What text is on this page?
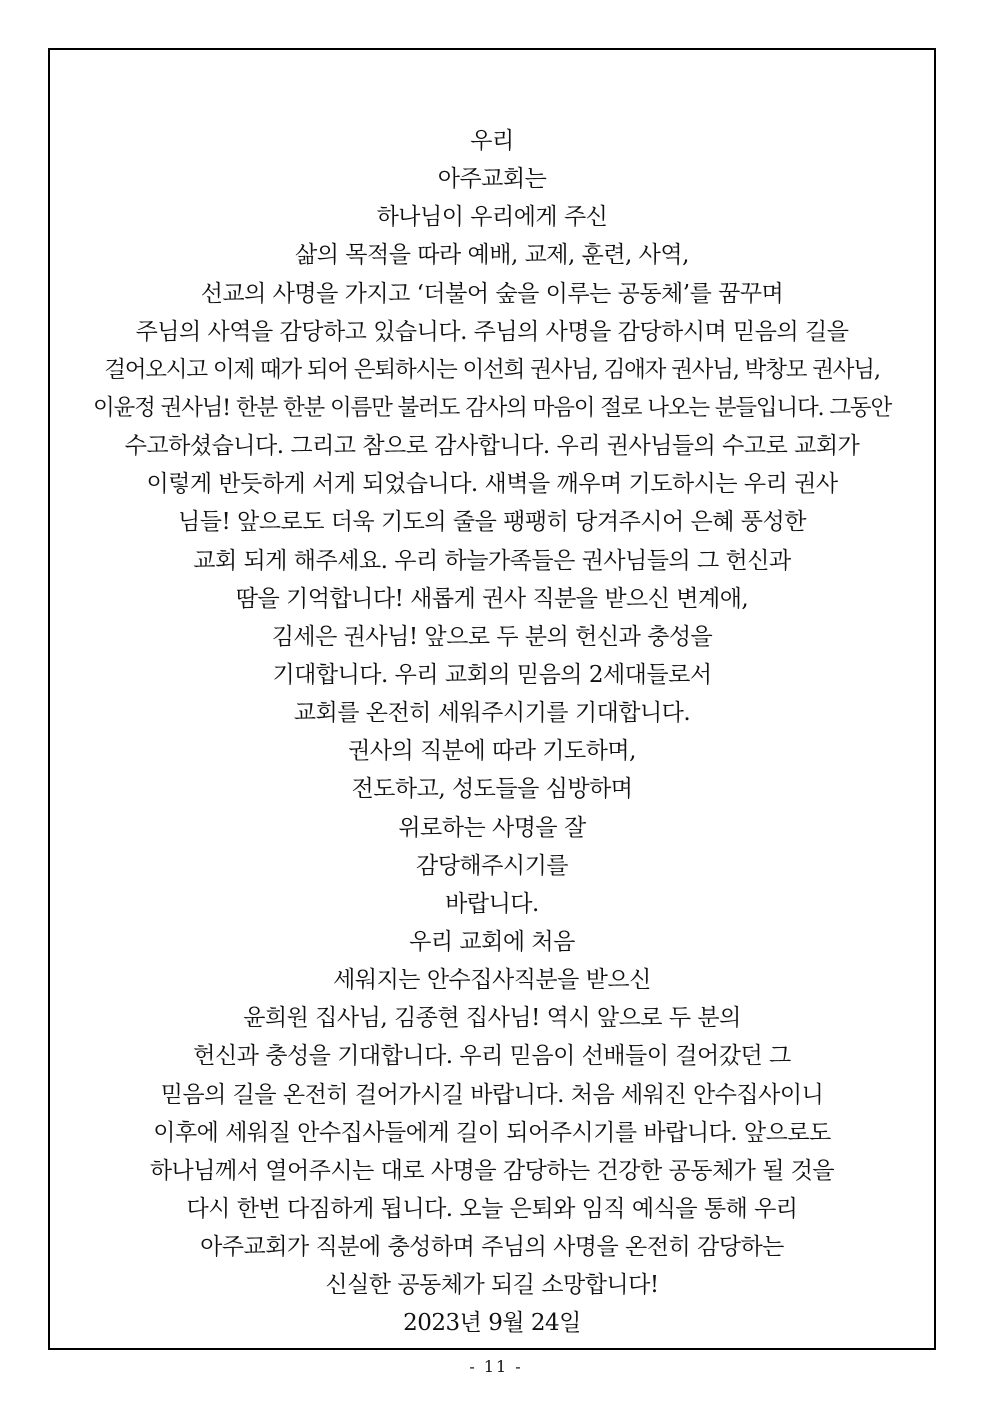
우리
아주교회는
하나님이 우리에게 주신
삶의 목적을 따라 예배, 교제, 훈련, 사역,
선교의 사명을 가지고 ‘더불어 숲을 이루는 공동체’를 꿈꾸며
주님의 사역을 감당하고 있습니다. 주님의 사명을 감당하시며 믿음의 길을
걸어오시고 이제 때가 되어 은퇴하시는 이선희 권사님, 김애자 권사님, 박창모 권사님,
이윤정 권사님! 한분 한분 이름만 불러도 감사의 마음이 절로 나오는 분들입니다. 그동안
수고하셨습니다. 그리고 참으로 감사합니다. 우리 권사님들의 수고로 교회가
이렇게 반듯하게 서게 되었습니다. 새벽을 깨우며 기도하시는 우리 권사
님들! 앞으로도 더욱 기도의 줄을 팽팽히 당겨주시어 은혜 풍성한
교회 되게 해주세요. 우리 하늘가족들은 권사님들의 그 헌신과
땀을 기억합니다! 새롭게 권사 직분을 받으신 변계애,
김세은 권사님! 앞으로 두 분의 헌신과 충성을
기대합니다. 우리 교회의 믿음의 2세대들로서
교회를 온전히 세워주시기를 기대합니다.
권사의 직분에 따라 기도하며,
전도하고, 성도들을 심방하며
위로하는 사명을 잘
감당해주시기를
바랍니다.
우리 교회에 처음
세워지는 안수집사직분을 받으신
윤희원 집사님, 김종현 집사님! 역시 앞으로 두 분의
헌신과 충성을 기대합니다. 우리 믿음이 선배들이 걸어갔던 그
믿음의 길을 온전히 걸어가시길 바랍니다. 처음 세워진 안수집사이니
이후에 세워질 안수집사들에게 길이 되어주시기를 바랍니다. 앞으로도
하나님께서 열어주시는 대로 사명을 감당하는 건강한 공동체가 될 것을
다시 한번 다짐하게 됩니다. 오늘 은퇴와 임직 예식을 통해 우리
아주교회가 직분에 충성하며 주님의 사명을 온전히 감당하는
신실한 공동체가 되길 소망합니다!
2023년 9월 24일
- 11 -
